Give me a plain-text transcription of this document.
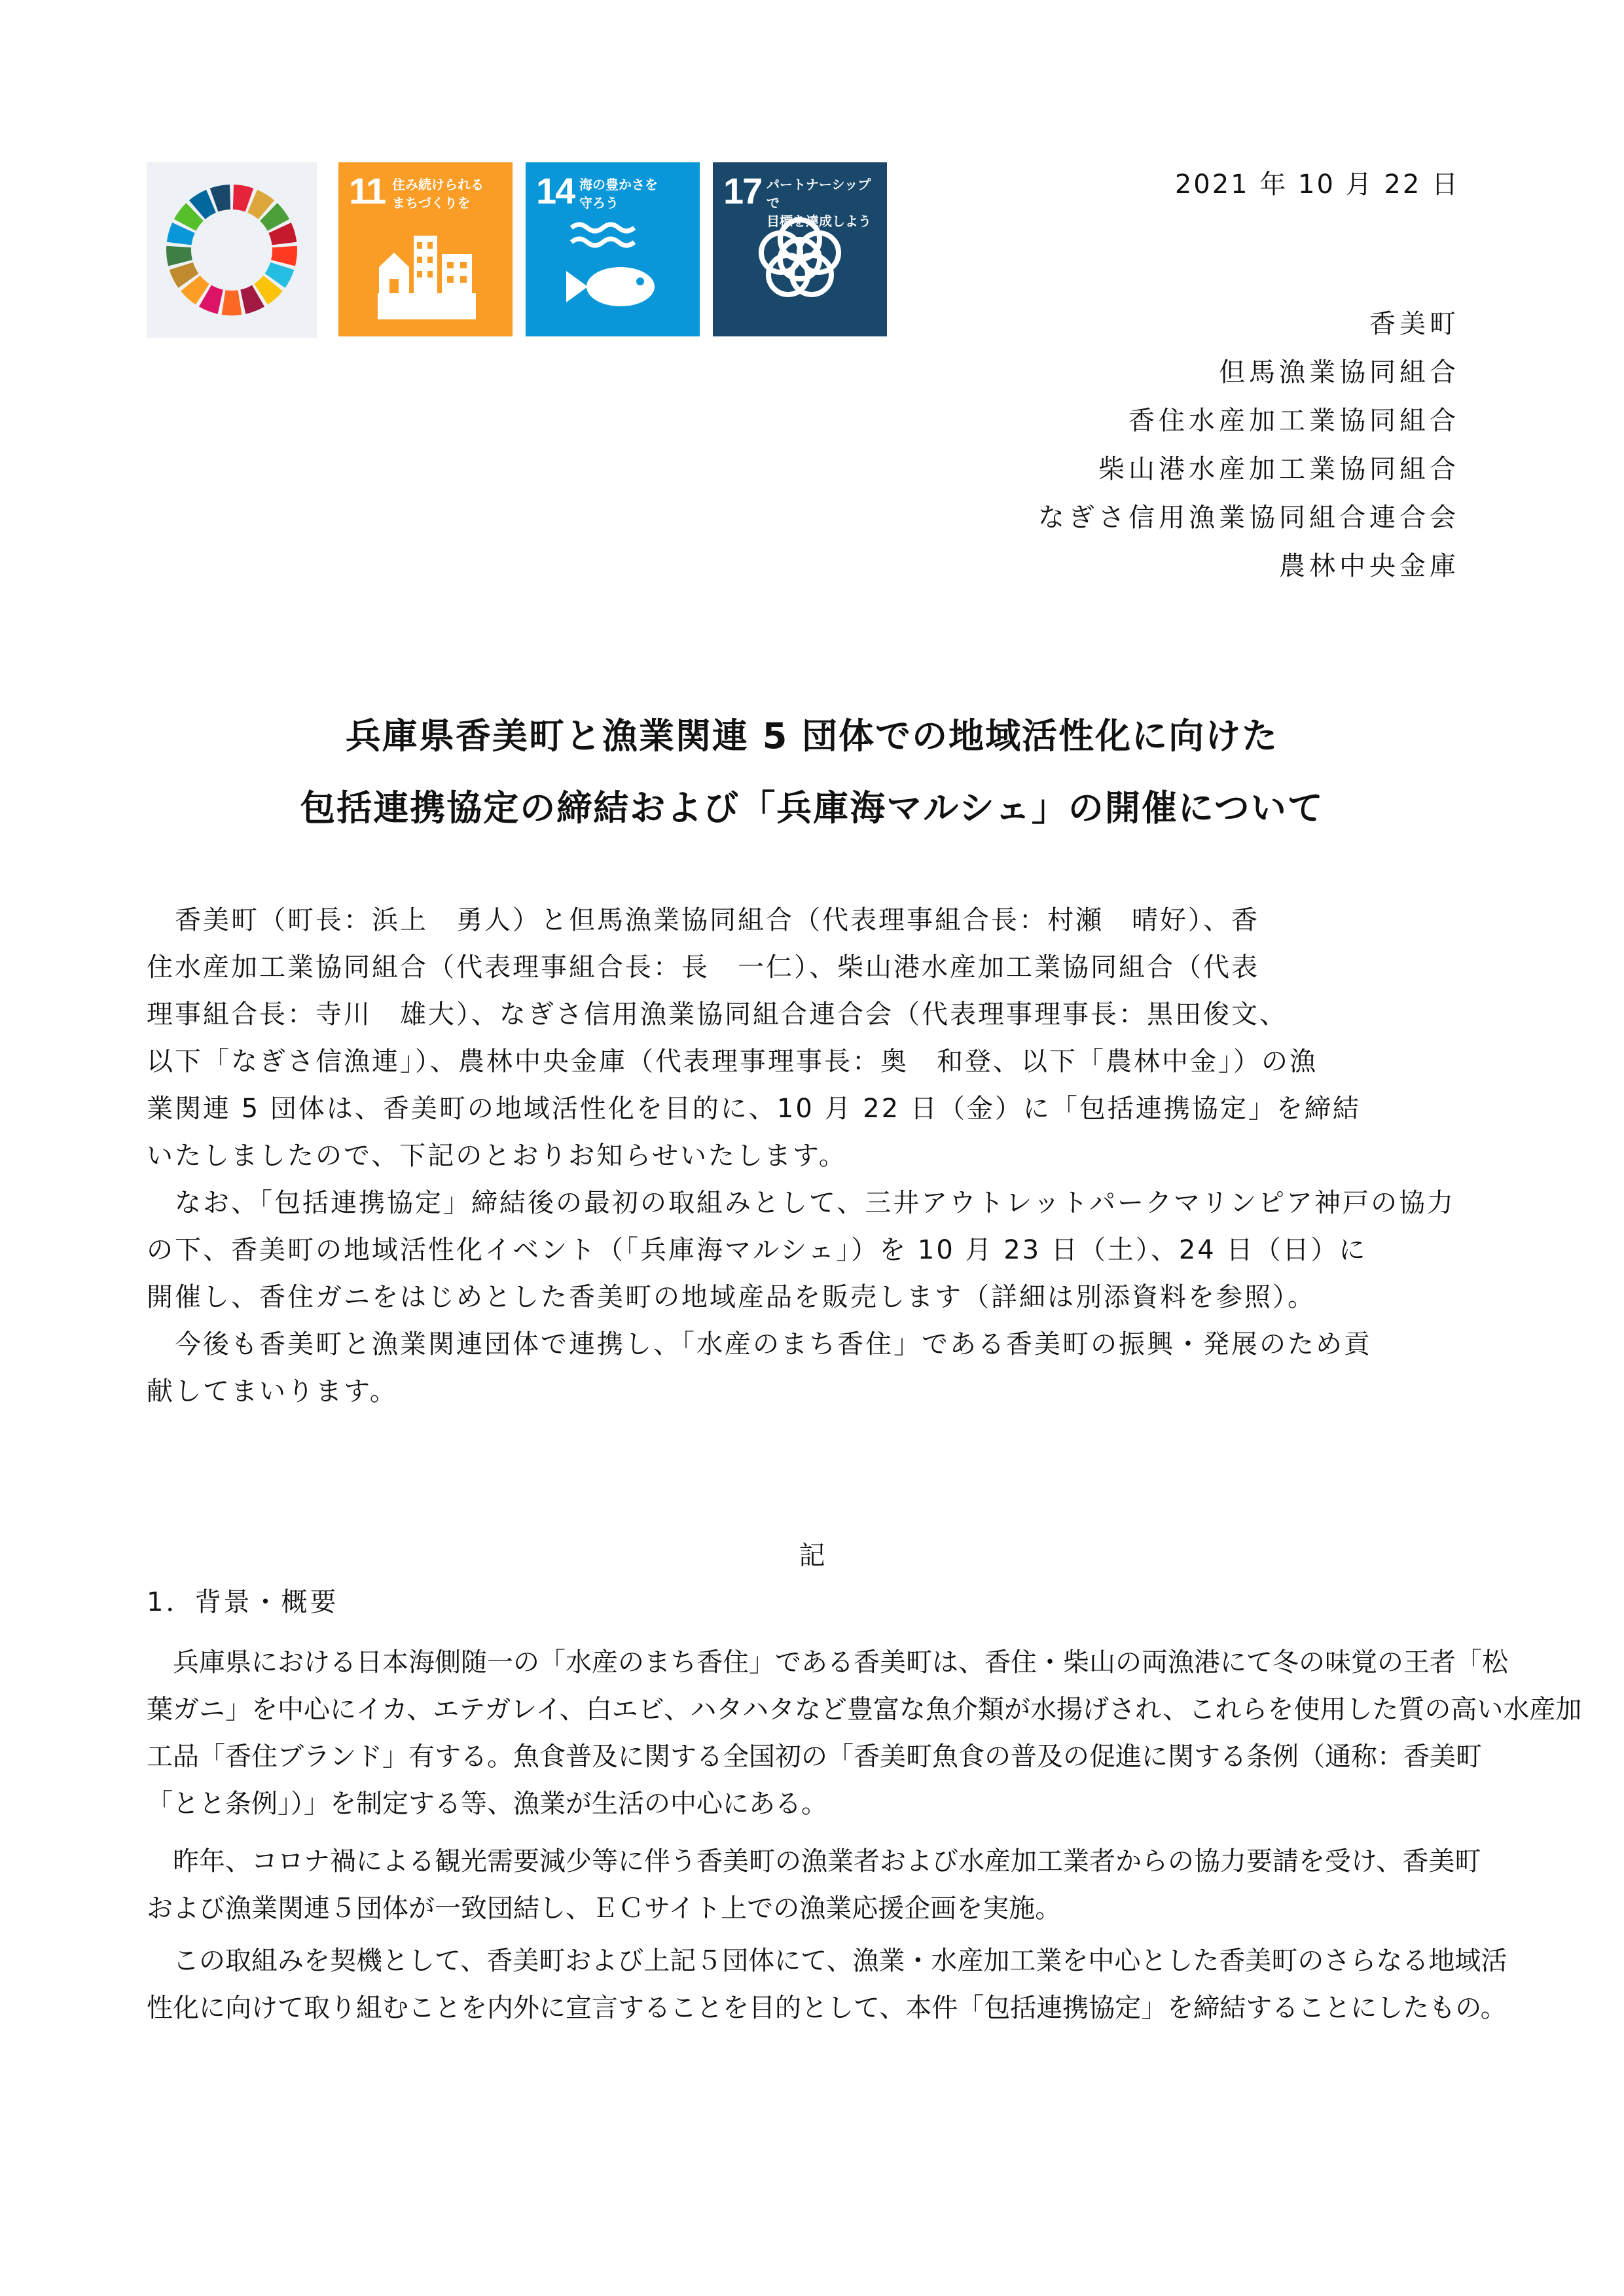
11 住み続けられる
まちづくりを	14 海の豊かさを
守ろう	17 パートナーシップで
目標を達成しよう
2021 年 10 月 22 日
香美町
但馬漁業協同組合
香住水産加工業協同組合
柴山港水産加工業協同組合
なぎさ信用漁業協同組合連合会
農林中央金庫
兵庫県香美町と漁業関連 5 団体での地域活性化に向けた
包括連携協定の締結および「兵庫海マルシェ」の開催について
　香美町（町長：浜上　勇人）と但馬漁業協同組合（代表理事組合長：村瀬　晴好）、香
住水産加工業協同組合（代表理事組合長：長　一仁）、柴山港水産加工業協同組合（代表
理事組合長：寺川　雄大）、なぎさ信用漁業協同組合連合会（代表理事理事長：黒田俊文、
以下「なぎさ信漁連」）、農林中央金庫（代表理事理事長：奥　和登、以下「農林中金」）の漁
業関連 5 団体は、香美町の地域活性化を目的に、10 月 22 日（金）に「包括連携協定」を締結
いたしましたので、下記のとおりお知らせいたします。
　なお、「包括連携協定」締結後の最初の取組みとして、三井アウトレットパークマリンピア神戸の協力
の下、香美町の地域活性化イベント（「兵庫海マルシェ」）を 10 月 23 日（土）、24 日（日）に
開催し、香住ガニをはじめとした香美町の地域産品を販売します（詳細は別添資料を参照）。
　今後も香美町と漁業関連団体で連携し、「水産のまち香住」である香美町の振興・発展のため貢
献してまいります。
記
1．背景・概要
　兵庫県における日本海側随一の「水産のまち香住」である香美町は、香住・柴山の両漁港にて冬の味覚の王者「松
葉ガニ」を中心にイカ、エテガレイ、白エビ、ハタハタなど豊富な魚介類が水揚げされ、これらを使用した質の高い水産加
工品「香住ブランド」有する。魚食普及に関する全国初の「香美町魚食の普及の促進に関する条例（通称：香美町
「とと条例」）」を制定する等、漁業が生活の中心にある。
　昨年、コロナ禍による観光需要減少等に伴う香美町の漁業者および水産加工業者からの協力要請を受け、香美町
および漁業関連５団体が一致団結し、ＥＣサイト上での漁業応援企画を実施。
　この取組みを契機として、香美町および上記５団体にて、漁業・水産加工業を中心とした香美町のさらなる地域活
性化に向けて取り組むことを内外に宣言することを目的として、本件「包括連携協定」を締結することにしたもの。
